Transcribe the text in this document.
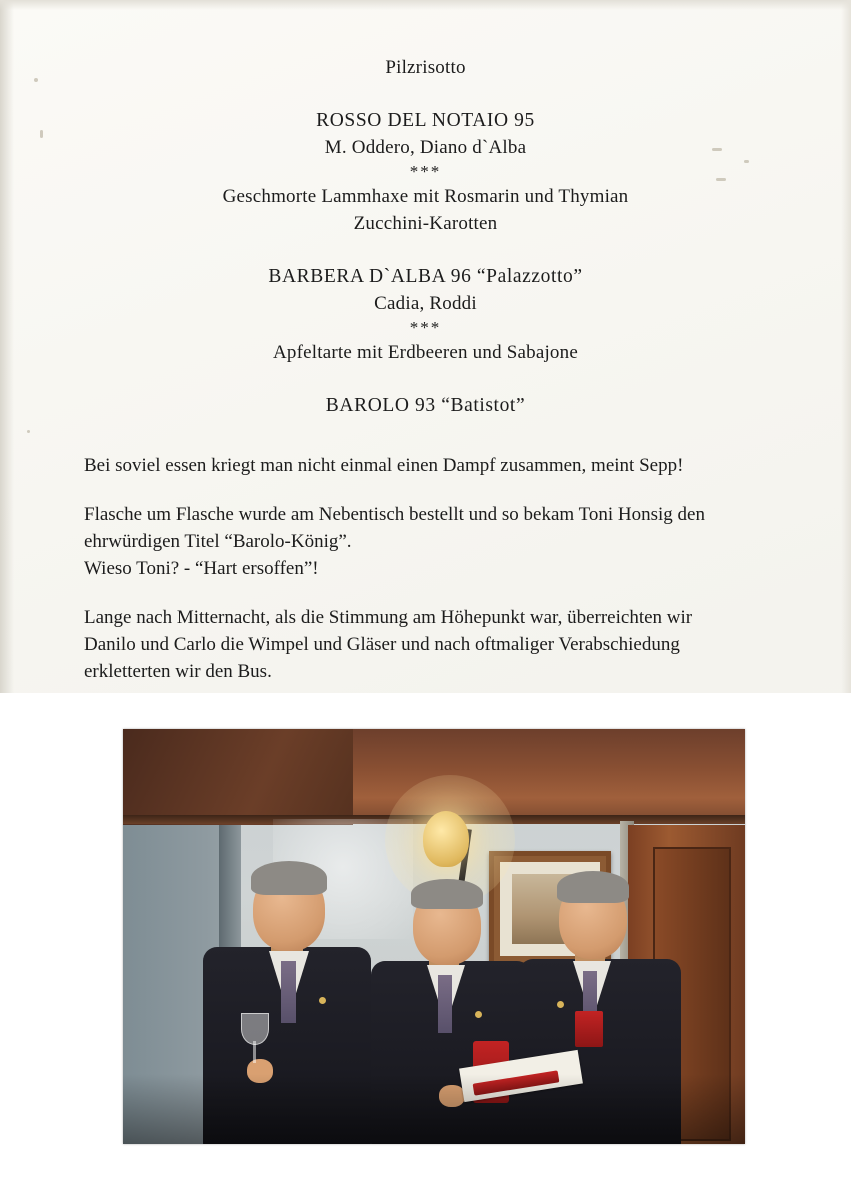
Pilzrisotto
ROSSO DEL NOTAIO 95
M. Oddero, Diano d`Alba
***
Geschmorte Lammhaxe mit Rosmarin und Thymian
Zucchini-Karotten
BARBERA D`ALBA 96 “Palazzotto”
Cadia, Roddi
***
Apfeltarte mit Erdbeeren und Sabajone
BAROLO 93 “Batistot”
Bei soviel essen kriegt man nicht einmal einen Dampf zusammen, meint Sepp!
Flasche um Flasche wurde am Nebentisch bestellt und so bekam Toni Honsig den
ehrwürdigen Titel “Barolo-König”.
Wieso Toni? - “Hart ersoffen”!
Lange nach Mitternacht, als die Stimmung am Höhepunkt war, überreichten wir
Danilo und Carlo die Wimpel und Gläser und nach oftmaliger Verabschiedung
erkletterten wir den Bus.
